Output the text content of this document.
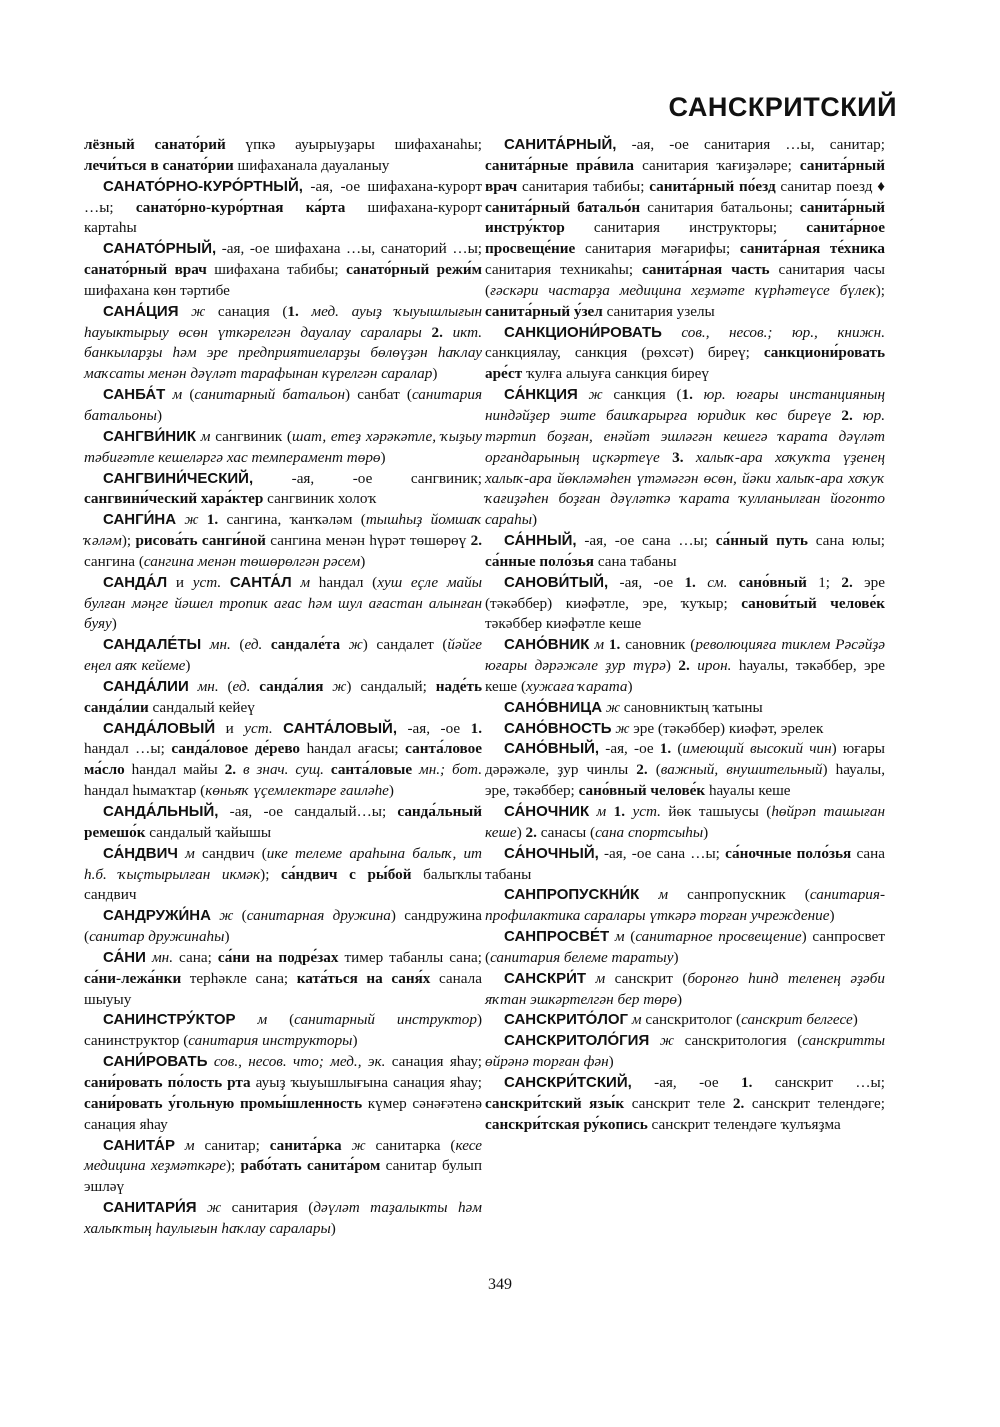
САНСКРИТСКИЙ
лёзный санато́рий үпкә ауырыуҙары шифаханаһы; лечи́ться в санато́рии шифаханала дауаланыу
САНАТО́РНО-КУРО́РТНЫЙ, -ая, -ое шифахана-курорт …ы; санато́рно-куро́ртная ка́рта шифахана-курорт картаһы
САНАТО́РНЫЙ, -ая, -ое шифахана …ы, санаторий …ы; санато́рный врач шифахана табибы; санато́рный режи́м шифахана көн тәртибе
САНА́ЦИЯ ж санация (1. мед. ауыҙ ҡыуышлығын һауыктырыу өсөн үткәрелгән дауалау саралары 2. икт. банкыларҙы һәм эре предприятиеларҙы бөлөүҙән һаҡлау маҡсаты менән дәүләт тарафынан күрелгән саралар)
САНБА́Т м (санитарный батальон) санбат (санитария батальоны)
САНГВИ́НИК м сангвиник (шат, етеҙ хәрәкәтле, ҡыҙыу тәбиғәтле кешеләргә хас темперамент төрө)
САНГВИНИ́ЧЕСКИЙ, -ая, -ое сангвиник; сангвини́ческий хара́ктер сангвиник холоҡ
САНГИ́НА ж 1. сангина, ҡанҡәләм (тышһыҙ йомшаҡ ҡәләм); рисова́ть санги́ной сангина менән һүрәт төшөрөү 2. сангина (сангина менән төшөрөлгән рәсем)
САНДА́Л и уст. САНТА́Л м һандал (хуш еҫле майы булған мәңге йәшел тропик ағас һәм шул ағастан алынған буяу)
САНДАЛЕ́ТЫ мн. (ед. сандале́та ж) сандалет (йәйге еңел аяҡ кейеме)
САНДА́ЛИИ мн. (ед. санда́лия ж) сандалый; наде́ть санда́лии сандалый кейеү
САНДА́ЛОВЫЙ и уст. САНТА́ЛОВЫЙ, -ая, -ое 1. һандал …ы; санда́ловое де́рево һандал ағасы; санта́ловое ма́сло һандал майы 2. в знач. сущ. санта́ловые мн.; бот. һандал һымаҡтар (көньяҡ үҫемлектәре ғаиләһе)
САНДА́ЛЬНЫЙ, -ая, -ое сандалый…ы; санда́льный ремешо́к сандалый ҡайышы
СА́НДВИЧ м сандвич (ике телеме араһына балыҡ, ит һ.б. ҡыҫтырылған икмәк); са́ндвич с ры́бой балыҡлы сандвич
САНДРУЖИ́НА ж (санитарная дружина) сандружина (санитар дружинаһы)
СА́НИ мн. сана; са́ни на подре́зах тимер табанлы сана; са́ни-лежа́нки терһәкле сана; ката́ться на саня́х санала шыуыу
САНИНСТРУ́КТОР м (санитарный инструктор) санинструктор (санитария инструкторы)
САНИ́РОВАТЬ сов., несов. что; мед., эк. санация яһау; сани́ровать по́лость рта ауыҙ ҡыуышлығына санация яһау; сани́ровать у́гольную промы́шленность күмер сәнәғәтенә санация яһау
САНИТА́Р м санитар; санита́рка ж санитарка (кесе медицина хеҙмәткәре); рабо́тать санита́ром санитар булып эшләү
САНИТАРИ́Я ж санитария (дәүләт таҙалыкты һәм халыҡтың һаулығын һаҡлау саралары)
САНИТА́РНЫЙ, -ая, -ое санитария …ы, санитар; санита́рные пра́вила санитария ҡағиҙәләре; санита́рный врач санитария табибы; санита́рный по́езд санитар поезд ♦ санита́рный батальо́н санитария батальоны; санита́рный инстру́ктор санитария инструкторы; санита́рное просвеще́ние санитария мәғарифы; санита́рная те́хника санитария техникаһы; санита́рная часть санитария часы (ғәскәри частарҙа медицина хеҙмәте күрһәтеүсе бүлек); санита́рный у́зел санитария узелы
САНКЦИОНИ́РОВАТЬ сов., несов.; юр., книжн. санкциялау, санкция (рөхсәт) биреү; санкциони́ровать аре́ст ҡулға алыуға санкция биреү
СА́НКЦИЯ ж санкция (1. юр. юғары инстанцияның ниндәйҙер эште башҡарырға юридик көс биреүе 2. юр. тәртип боҙған, енәйәт эшләгән кешегә ҡарата дәүләт органдарының иҫкәртеүе 3. халыҡ-ара хоҡуҡта үҙенең халыҡ-ара йөкләмәһен үтәмәгән өсөн, йәки халыҡ-ара хоҡуҡ ҡағиҙәһен боҙған дәүләткә ҡарата ҡулланылған йогонто сараһы)
СА́ННЫЙ, -ая, -ое сана …ы; са́нный путь сана юлы; са́нные поло́зья сана табаны
САНОВИ́ТЫЙ, -ая, -ое 1. см. сано́вный 1; 2. эре (тәкәббер) киәфәтле, эре, ҡуҡыр; санови́тый челове́к тәкәббер киәфәтле кеше
САНО́ВНИК м 1. сановник (революцияға тиклем Рәсәйҙә юғары дәрәжәле ҙур түрә) 2. ирон. һауалы, тәкәббер, эре кеше (хужаға ҡарата)
САНО́ВНИЦА ж сановниктың ҡатыны
САНО́ВНОСТЬ ж эре (тәкәббер) киәфәт, эрелек
САНО́ВНЫЙ, -ая, -ое 1. (имеющий высокий чин) юғары дәрәжәле, ҙур чинлы 2. (важный, внушительный) һауалы, эре, тәкәббер; сано́вный челове́к һауалы кеше
СА́НОЧНИК м 1. уст. йөк ташыусы (һөйрәп ташыған кеше) 2. санасы (сана спортсыһы)
СА́НОЧНЫЙ, -ая, -ое сана …ы; са́ночные поло́зья сана табаны
САНПРОПУСКНИ́К м санпропускник (санитария-профилактика саралары үткәрә торған учреждение)
САНПРОСВЕ́Т м (санитарное просвещение) санпросвет (санитария белеме таратыу)
САНСКРИ́Т м санскрит (боронғо һинд теленең әҙәби яҡтан эшкәртелгән бер төрө)
САНСКРИТО́ЛОГ м санскритолог (санскрит белгесе)
САНСКРИТОЛО́ГИЯ ж санскритология (санскритты өйрәнә торған фән)
САНСКРИ́ТСКИЙ, -ая, -ое 1. санскрит …ы; санскри́тский язы́к санскрит теле 2. санскрит телендәге; санскри́тская ру́копись санскрит телендәге ҡулъяҙма
349
